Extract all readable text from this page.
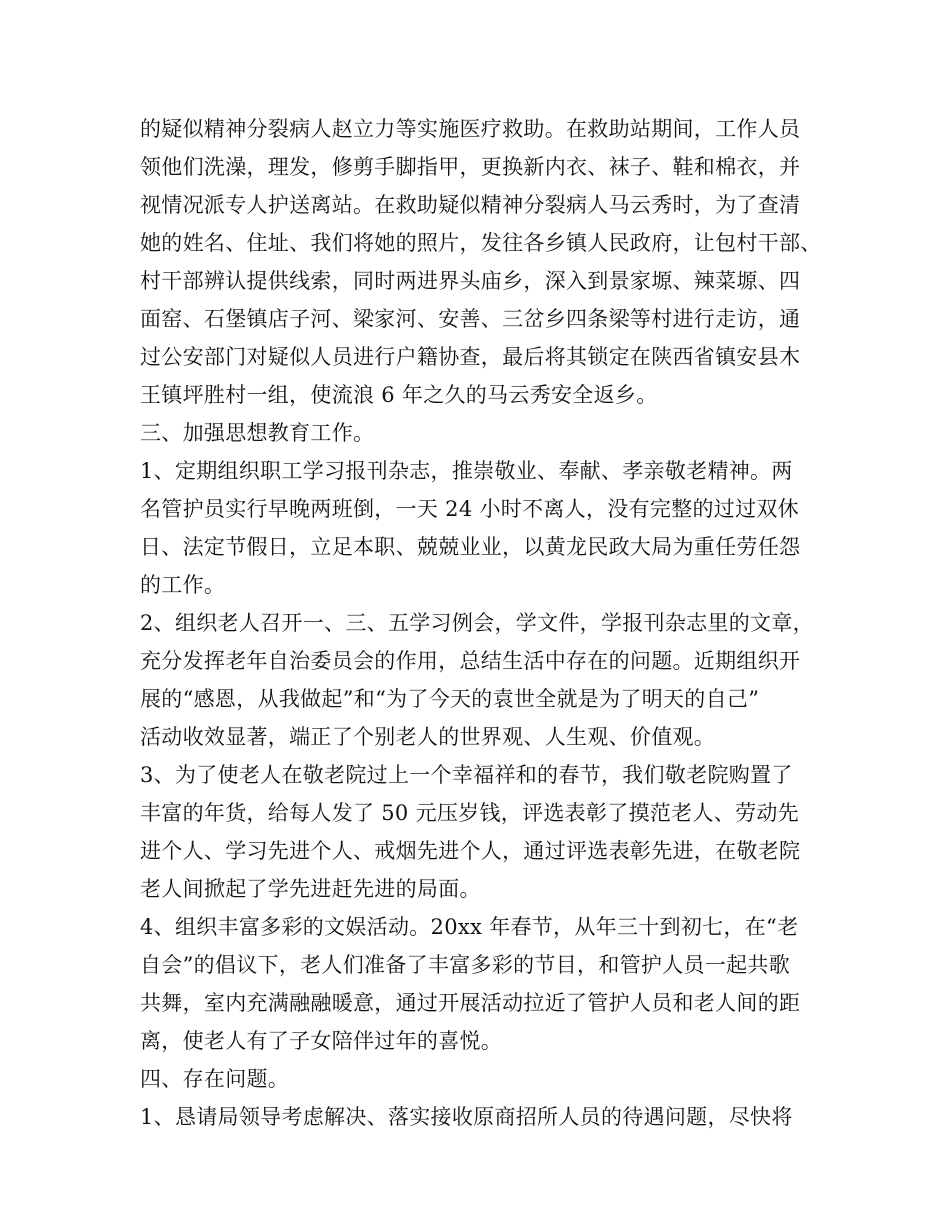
的疑似精神分裂病人赵立力等实施医疗救助。在救助站期间，工作人员
领他们洗澡，理发，修剪手脚指甲，更换新内衣、袜子、鞋和棉衣，并
视情况派专人护送离站。在救助疑似精神分裂病人马云秀时，为了查清
她的姓名、住址、我们将她的照片，发往各乡镇人民政府，让包村干部、
村干部辨认提供线索，同时两进界头庙乡，深入到景家塬、辣菜塬、四
面窑、石堡镇店子河、梁家河、安善、三岔乡四条梁等村进行走访，通
过公安部门对疑似人员进行户籍协查，最后将其锁定在陕西省镇安县木
王镇坪胜村一组，使流浪 6 年之久的马云秀安全返乡。
三、加强思想教育工作。
1、定期组织职工学习报刊杂志，推崇敬业、奉献、孝亲敬老精神。两
名管护员实行早晚两班倒，一天 24 小时不离人，没有完整的过过双休
日、法定节假日，立足本职、兢兢业业，以黄龙民政大局为重任劳任怨
的工作。
2、组织老人召开一、三、五学习例会，学文件，学报刊杂志里的文章，
充分发挥老年自治委员会的作用，总结生活中存在的问题。近期组织开
展的“感恩，从我做起”和“为了今天的袁世全就是为了明天的自己”
活动收效显著，端正了个别老人的世界观、人生观、价值观。
3、为了使老人在敬老院过上一个幸福祥和的春节，我们敬老院购置了
丰富的年货，给每人发了 50 元压岁钱，评选表彰了摸范老人、劳动先
进个人、学习先进个人、戒烟先进个人，通过评选表彰先进，在敬老院
老人间掀起了学先进赶先进的局面。
4、组织丰富多彩的文娱活动。20xx 年春节，从年三十到初七，在“老
自会”的倡议下，老人们准备了丰富多彩的节目，和管护人员一起共歌
共舞，室内充满融融暖意，通过开展活动拉近了管护人员和老人间的距
离，使老人有了子女陪伴过年的喜悦。
四、存在问题。
1、恳请局领导考虑解决、落实接收原商招所人员的待遇问题，尽快将
